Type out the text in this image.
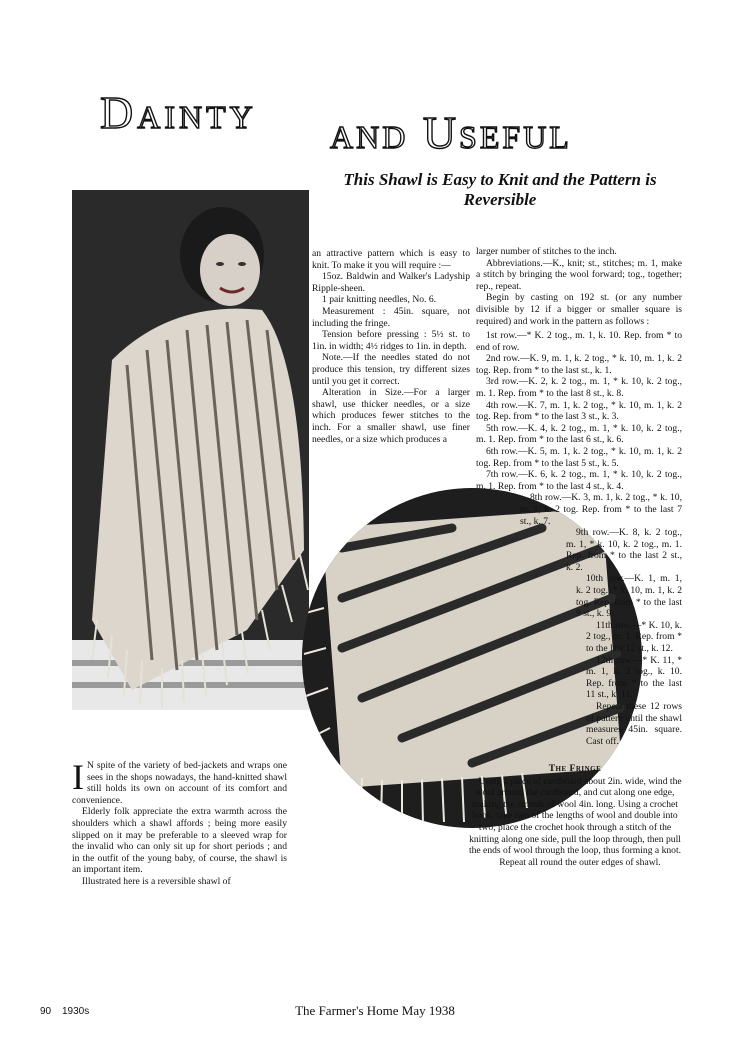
Dainty and Useful
This Shawl is Easy to Knit and the Pattern is Reversible

an attractive pattern which is easy to knit. To make it you will require :—

15oz. Baldwin and Walker's Ladyship Ripple-sheen.

1 pair knitting needles, No. 6.

Measurement : 45in. square, not including the fringe.

Tension before pressing : 5½ st. to 1in. in width; 4½ ridges to 1in. in depth.

Note.—If the needles stated do not produce this tension, try different sizes until you get it correct.

Alteration in Size.—For a larger shawl, use thicker needles, or a size which produces fewer stitches to the inch. For a smaller shawl, use finer needles, or a size which produces a

larger number of stitches to the inch.

Abbreviations.—K., knit; st., stitches; m. 1, make a stitch by bringing the wool forward; tog., together; rep., repeat.

Begin by casting on 192 st. (or any number divisible by 12 if a bigger or smaller square is required) and work in the pattern as follows :

1st row.—* K. 2 tog., m. 1, k. 10. Rep. from * to end of row.

2nd row.—K. 9, m. 1, k. 2 tog., * k. 10, m. 1, k. 2 tog. Rep. from * to the last st., k. 1.

3rd row.—K. 2, k. 2 tog., m. 1, * k. 10, k. 2 tog., m. 1. Rep. from * to the last 8 st., k. 8.

4th row.—K. 7, m. 1, k. 2 tog., * k. 10, m. 1, k. 2 tog. Rep. from * to the last 3 st., k. 3.

5th row.—K. 4, k. 2 tog., m. 1, * k. 10, k. 2 tog., m. 1. Rep. from * to the last 6 st., k. 6.

6th row.—K. 5, m. 1, k. 2 tog., * k. 10, m. 1, k. 2 tog. Rep. from * to the last 5 st., k. 5.

7th row.—K. 6, k. 2 tog., m. 1, * k. 10, k. 2 tog., m. 1. Rep. from * to the last 4 st., k. 4.

8th row.—K. 3, m. 1, k. 2 tog., * k. 10, m. 1, k. 2 tog. Rep. from * to the last 7 st., k. 7.

9th row.—K. 8, k. 2 tog., m. 1, * k. 10, k. 2 tog., m. 1. Rep. from * to the last 2 st., k. 2.

10th row.—K. 1, m. 1, k. 2 tog., * k. 10, m. 1, k. 2 tog. Rep. from * to the last 9 st., k. 9.

11th row.—* K. 10, k. 2 tog., m. 1. Rep. from * to the last 12 st., k. 12.

12th row.—* K. 11, * m. 1, k. 2 tog., k. 10. Rep. from * to the last 11 st., k. 11.

Repeat these 12 rows of pattern until the shawl measures 45in. square. Cast off.

I N spite of the variety of bed-jackets and wraps one sees in the shops nowadays, the hand-knitted shawl still holds its own on account of its comfort and convenience.

Elderly folk appreciate the extra warmth across the shoulders which a shawl affords ; being more easily slipped on it may be preferable to a sleeved wrap for the invalid who can only sit up for short periods ; and in the outfit of the young baby, of course, the shawl is an important item.

Illustrated here is a reversible shawl of

The Fringe

Using a piece of cardboard about 2in. wide, wind the wool around the cardboard, and cut along one edge, making the strands of wool 4in. long. Using a crochet hook, take two of the lengths of wool and double into two, place the crochet hook through a stitch of the knitting along one side, pull the loop through, then pull the ends of wool through the loop, thus forming a knot.

Repeat all round the outer edges of shawl.

90 1930s	The Farmer's Home May 1938
